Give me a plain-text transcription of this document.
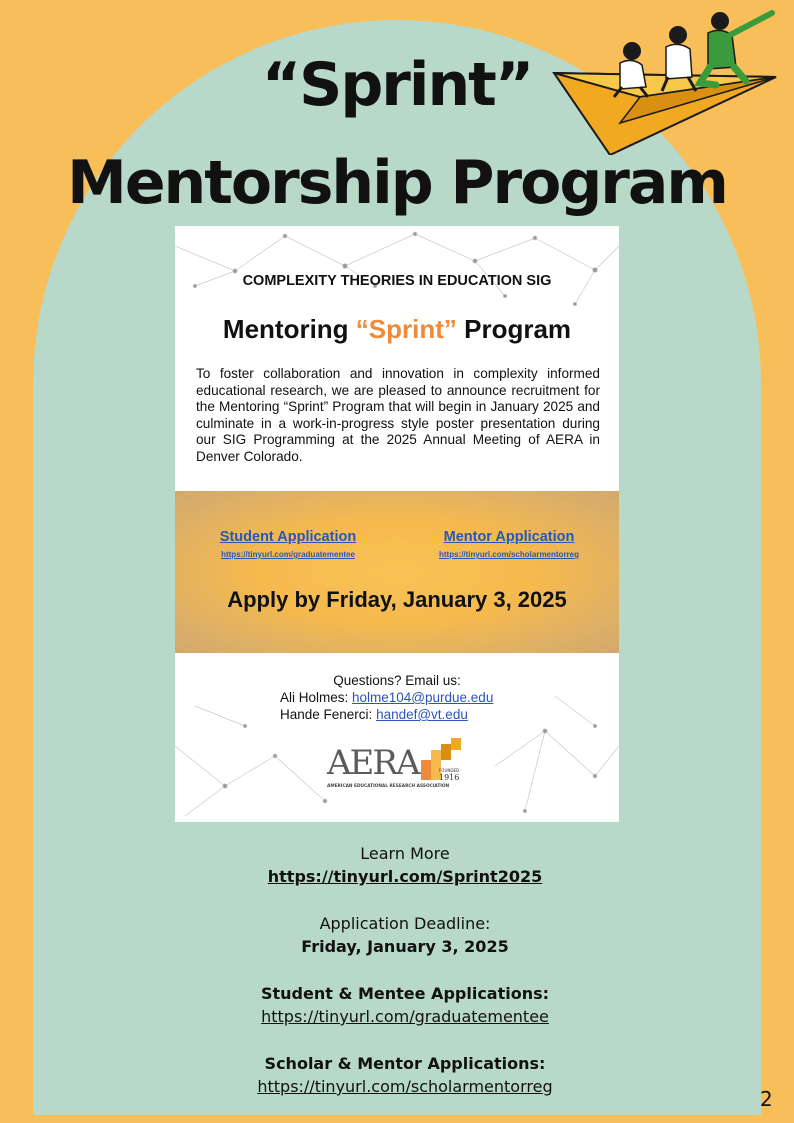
“Sprint”
Mentorship Program
COMPLEXITY THEORIES IN EDUCATION SIG
Mentoring “Sprint” Program

To foster collaboration and innovation in complexity informed educational research, we are pleased to announce recruitment for the Mentoring “Sprint” Program that will begin in January 2025 and culminate in a work-in-progress style poster presentation during our SIG Programming at the 2025 Annual Meeting of AERA in Denver Colorado.

Student Application
https://tinyurl.com/graduatementee
Mentor Application
https://tinyurl.com/scholarmentorreg
Apply by Friday, January 3, 2025
Questions? Email us:
Ali Holmes: holme104@purdue.edu
Hande Fenerci: handef@vt.edu
AERA	FOUNDED
1916
AMERICAN EDUCATIONAL RESEARCH ASSOCIATION
Learn More
https://tinyurl.com/Sprint2025
Application Deadline:
Friday, January 3, 2025
Student & Mentee Applications:
https://tinyurl.com/graduatementee
Scholar & Mentor Applications:
https://tinyurl.com/scholarmentorreg
2
